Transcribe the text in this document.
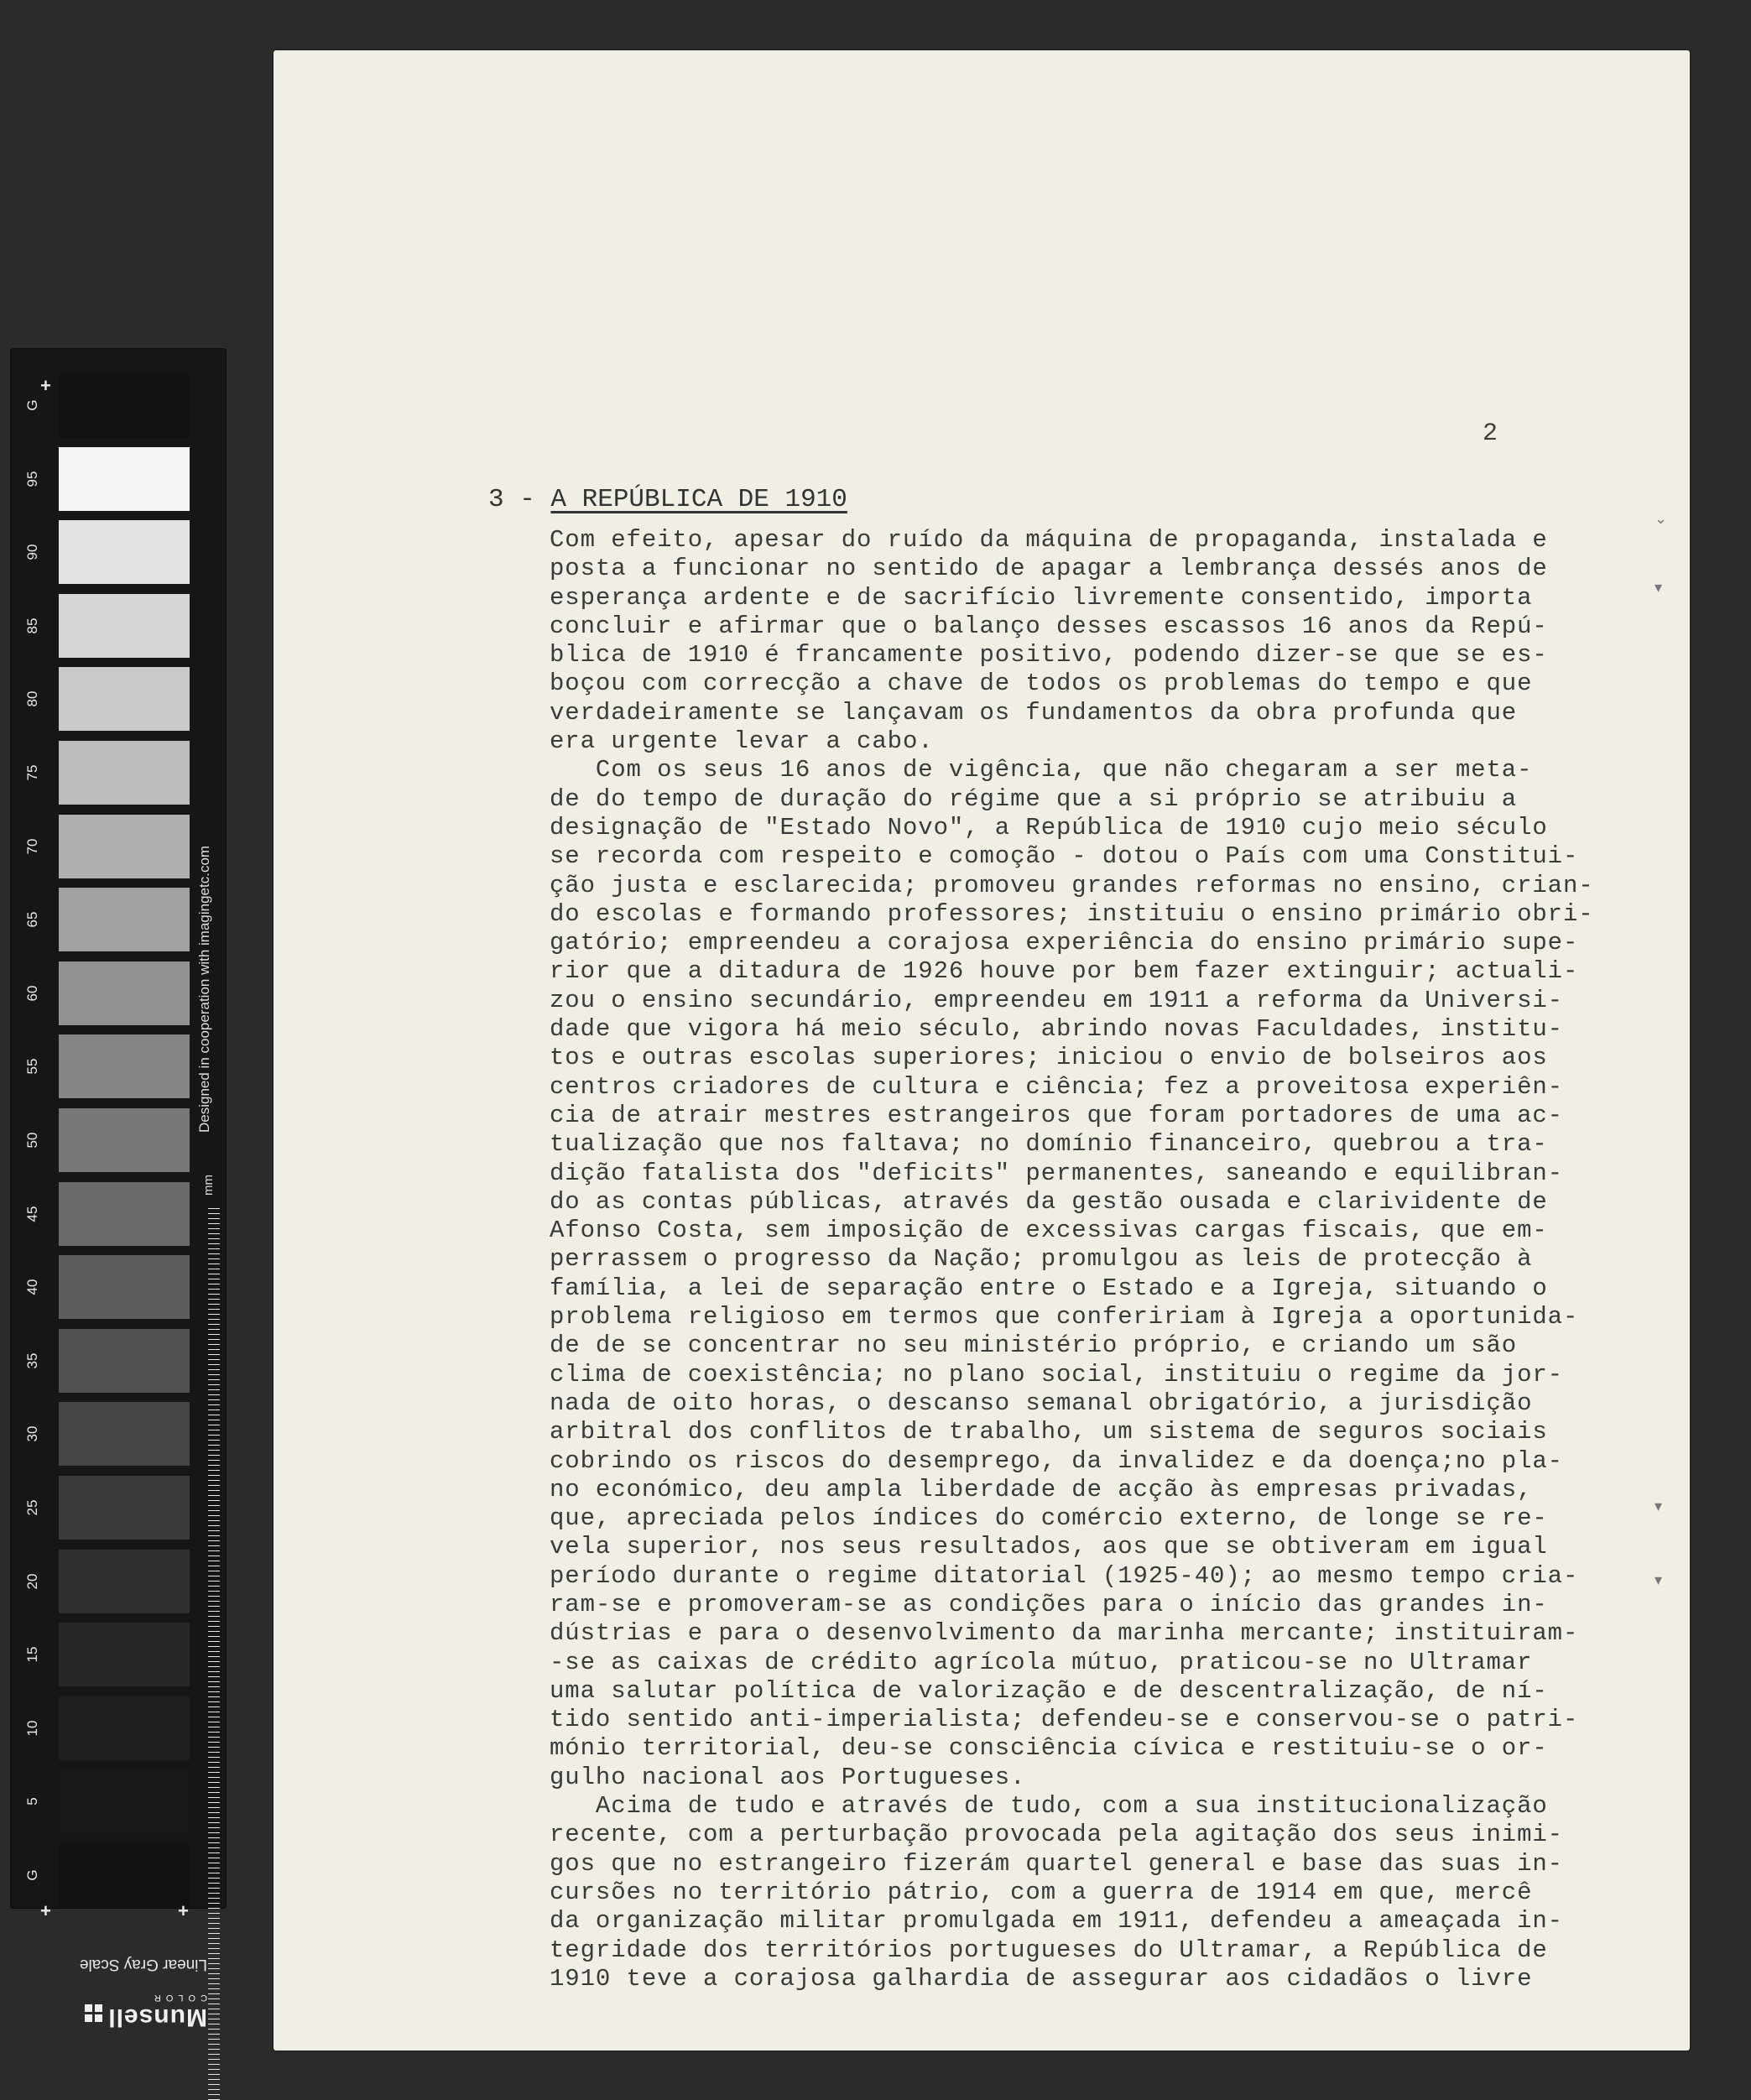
+
G
95
90
85
80
75
70
65
60
55
50
45
40
35
30
25
20
15
10
5
G
+	+
Designed in cooperation with imagingetc.com
mm
Linear Gray Scale
Munsell
COLOR
2
3 - A REPÚBLICA DE 1910
Com efeito, apesar do ruído da máquina de propaganda, instalada e
posta a funcionar no sentido de apagar a lembrança dessés anos de
esperança ardente e de sacrifício livremente consentido, importa
concluir e afirmar que o balanço desses escassos 16 anos da Repú-
blica de 1910 é francamente positivo, podendo dizer-se que se es-
boçou com correcção a chave de todos os problemas do tempo e que
verdadeiramente se lançavam os fundamentos da obra profunda que
era urgente levar a cabo.
Com os seus 16 anos de vigência, que não chegaram a ser meta-
de do tempo de duração do régime que a si próprio se atribuiu a
designação de "Estado Novo", a República de 1910 cujo meio século
se recorda com respeito e comoção - dotou o País com uma Constitui-
ção justa e esclarecida; promoveu grandes reformas no ensino, crian-
do escolas e formando professores; instituiu o ensino primário obri-
gatório; empreendeu a corajosa experiência do ensino primário supe-
rior que a ditadura de 1926 houve por bem fazer extinguir; actuali-
zou o ensino secundário, empreendeu em 1911 a reforma da Universi-
dade que vigora há meio século, abrindo novas Faculdades, institu-
tos e outras escolas superiores; iniciou o envio de bolseiros aos
centros criadores de cultura e ciência; fez a proveitosa experiên-
cia de atrair mestres estrangeiros que foram portadores de uma ac-
tualização que nos faltava; no domínio financeiro, quebrou a tra-
dição fatalista dos "deficits" permanentes, saneando e equilibran-
do as contas públicas, através da gestão ousada e clarividente de
Afonso Costa, sem imposição de excessivas cargas fiscais, que em-
perrassem o progresso da Nação; promulgou as leis de protecção à
família, a lei de separação entre o Estado e a Igreja, situando o
problema religioso em termos que confeririam à Igreja a oportunida-
de de se concentrar no seu ministério próprio, e criando um são
clima de coexistência; no plano social, instituiu o regime da jor-
nada de oito horas, o descanso semanal obrigatório, a jurisdição
arbitral dos conflitos de trabalho, um sistema de seguros sociais
cobrindo os riscos do desemprego, da invalidez e da doença;no pla-
no económico, deu ampla liberdade de acção às empresas privadas,
que, apreciada pelos índices do comércio externo, de longe se re-
vela superior, nos seus resultados, aos que se obtiveram em igual
período durante o regime ditatorial (1925-40); ao mesmo tempo cria-
ram-se e promoveram-se as condições para o início das grandes in-
dústrias e para o desenvolvimento da marinha mercante; instituiram-
-se as caixas de crédito agrícola mútuo, praticou-se no Ultramar
uma salutar política de valorização e de descentralização, de ní-
tido sentido anti-imperialista; defendeu-se e conservou-se o patri-
mónio territorial, deu-se consciência cívica e restituiu-se o or-
gulho nacional aos Portugueses.
Acima de tudo e através de tudo, com a sua institucionalização
recente, com a perturbação provocada pela agitação dos seus inimi-
gos que no estrangeiro fizerám quartel general e base das suas in-
cursões no território pátrio, com a guerra de 1914 em que, mercê
da organização militar promulgada em 1911, defendeu a ameaçada in-
tegridade dos territórios portugueses do Ultramar, a República de
1910 teve a corajosa galhardia de assegurar aos cidadãos o livre
⌄
▾
▾
▾
